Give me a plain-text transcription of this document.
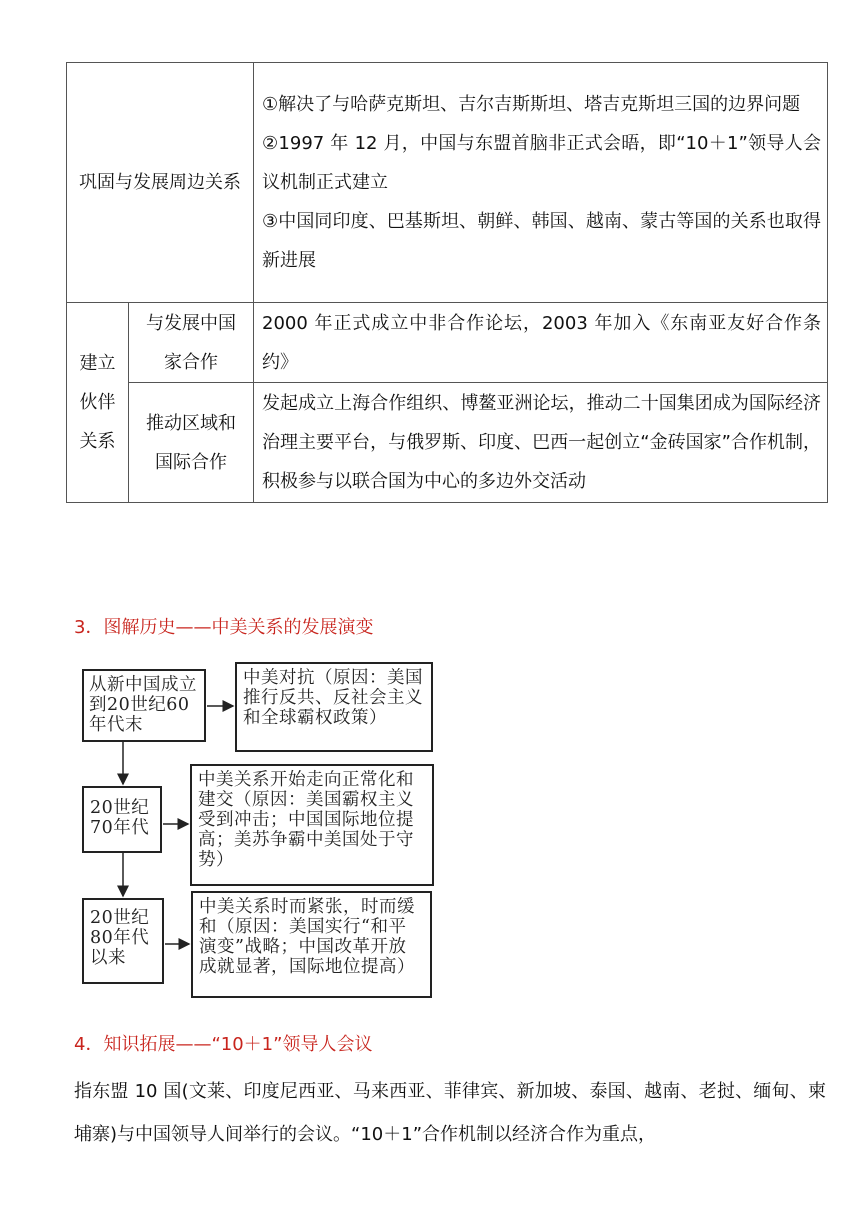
巩固与发展周边关系		①解决了与哈萨克斯坦、吉尔吉斯斯坦、塔吉克斯坦三国的边界问题
②1997 年 12 月，中国与东盟首脑非正式会晤，即“10＋1”领导人会议机制正式建立
③中国同印度、巴基斯坦、朝鲜、韩国、越南、蒙古等国的关系也取得新进展

建立伙伴关系	与发展中国家合作	2000 年正式成立中非合作论坛，2003 年加入《东南亚友好合作条约》
	推动区域和国际合作	发起成立上海合作组织、博鳌亚洲论坛，推动二十国集团成为国际经济治理主要平台，与俄罗斯、印度、巴西一起创立“金砖国家”合作机制，积极参与以联合国为中心的多边外交活动
3．图解历史——中美关系的发展演变
从新中国成立到20世纪60年代末
中美对抗（原因：美国推行反共、反社会主义和全球霸权政策）
20世纪70年代
中美关系开始走向正常化和建交（原因：美国霸权主义受到冲击；中国国际地位提高；美苏争霸中美国处于守势）
20世纪80年代以来
中美关系时而紧张，时而缓和（原因：美国实行“和平演变”战略；中国改革开放成就显著，国际地位提高）
4．知识拓展——“10＋1”领导人会议
指东盟 10 国(文莱、印度尼西亚、马来西亚、菲律宾、新加坡、泰国、越南、老挝、缅甸、柬埔寨)与中国领导人间举行的会议。“10＋1”合作机制以经济合作为重点，
